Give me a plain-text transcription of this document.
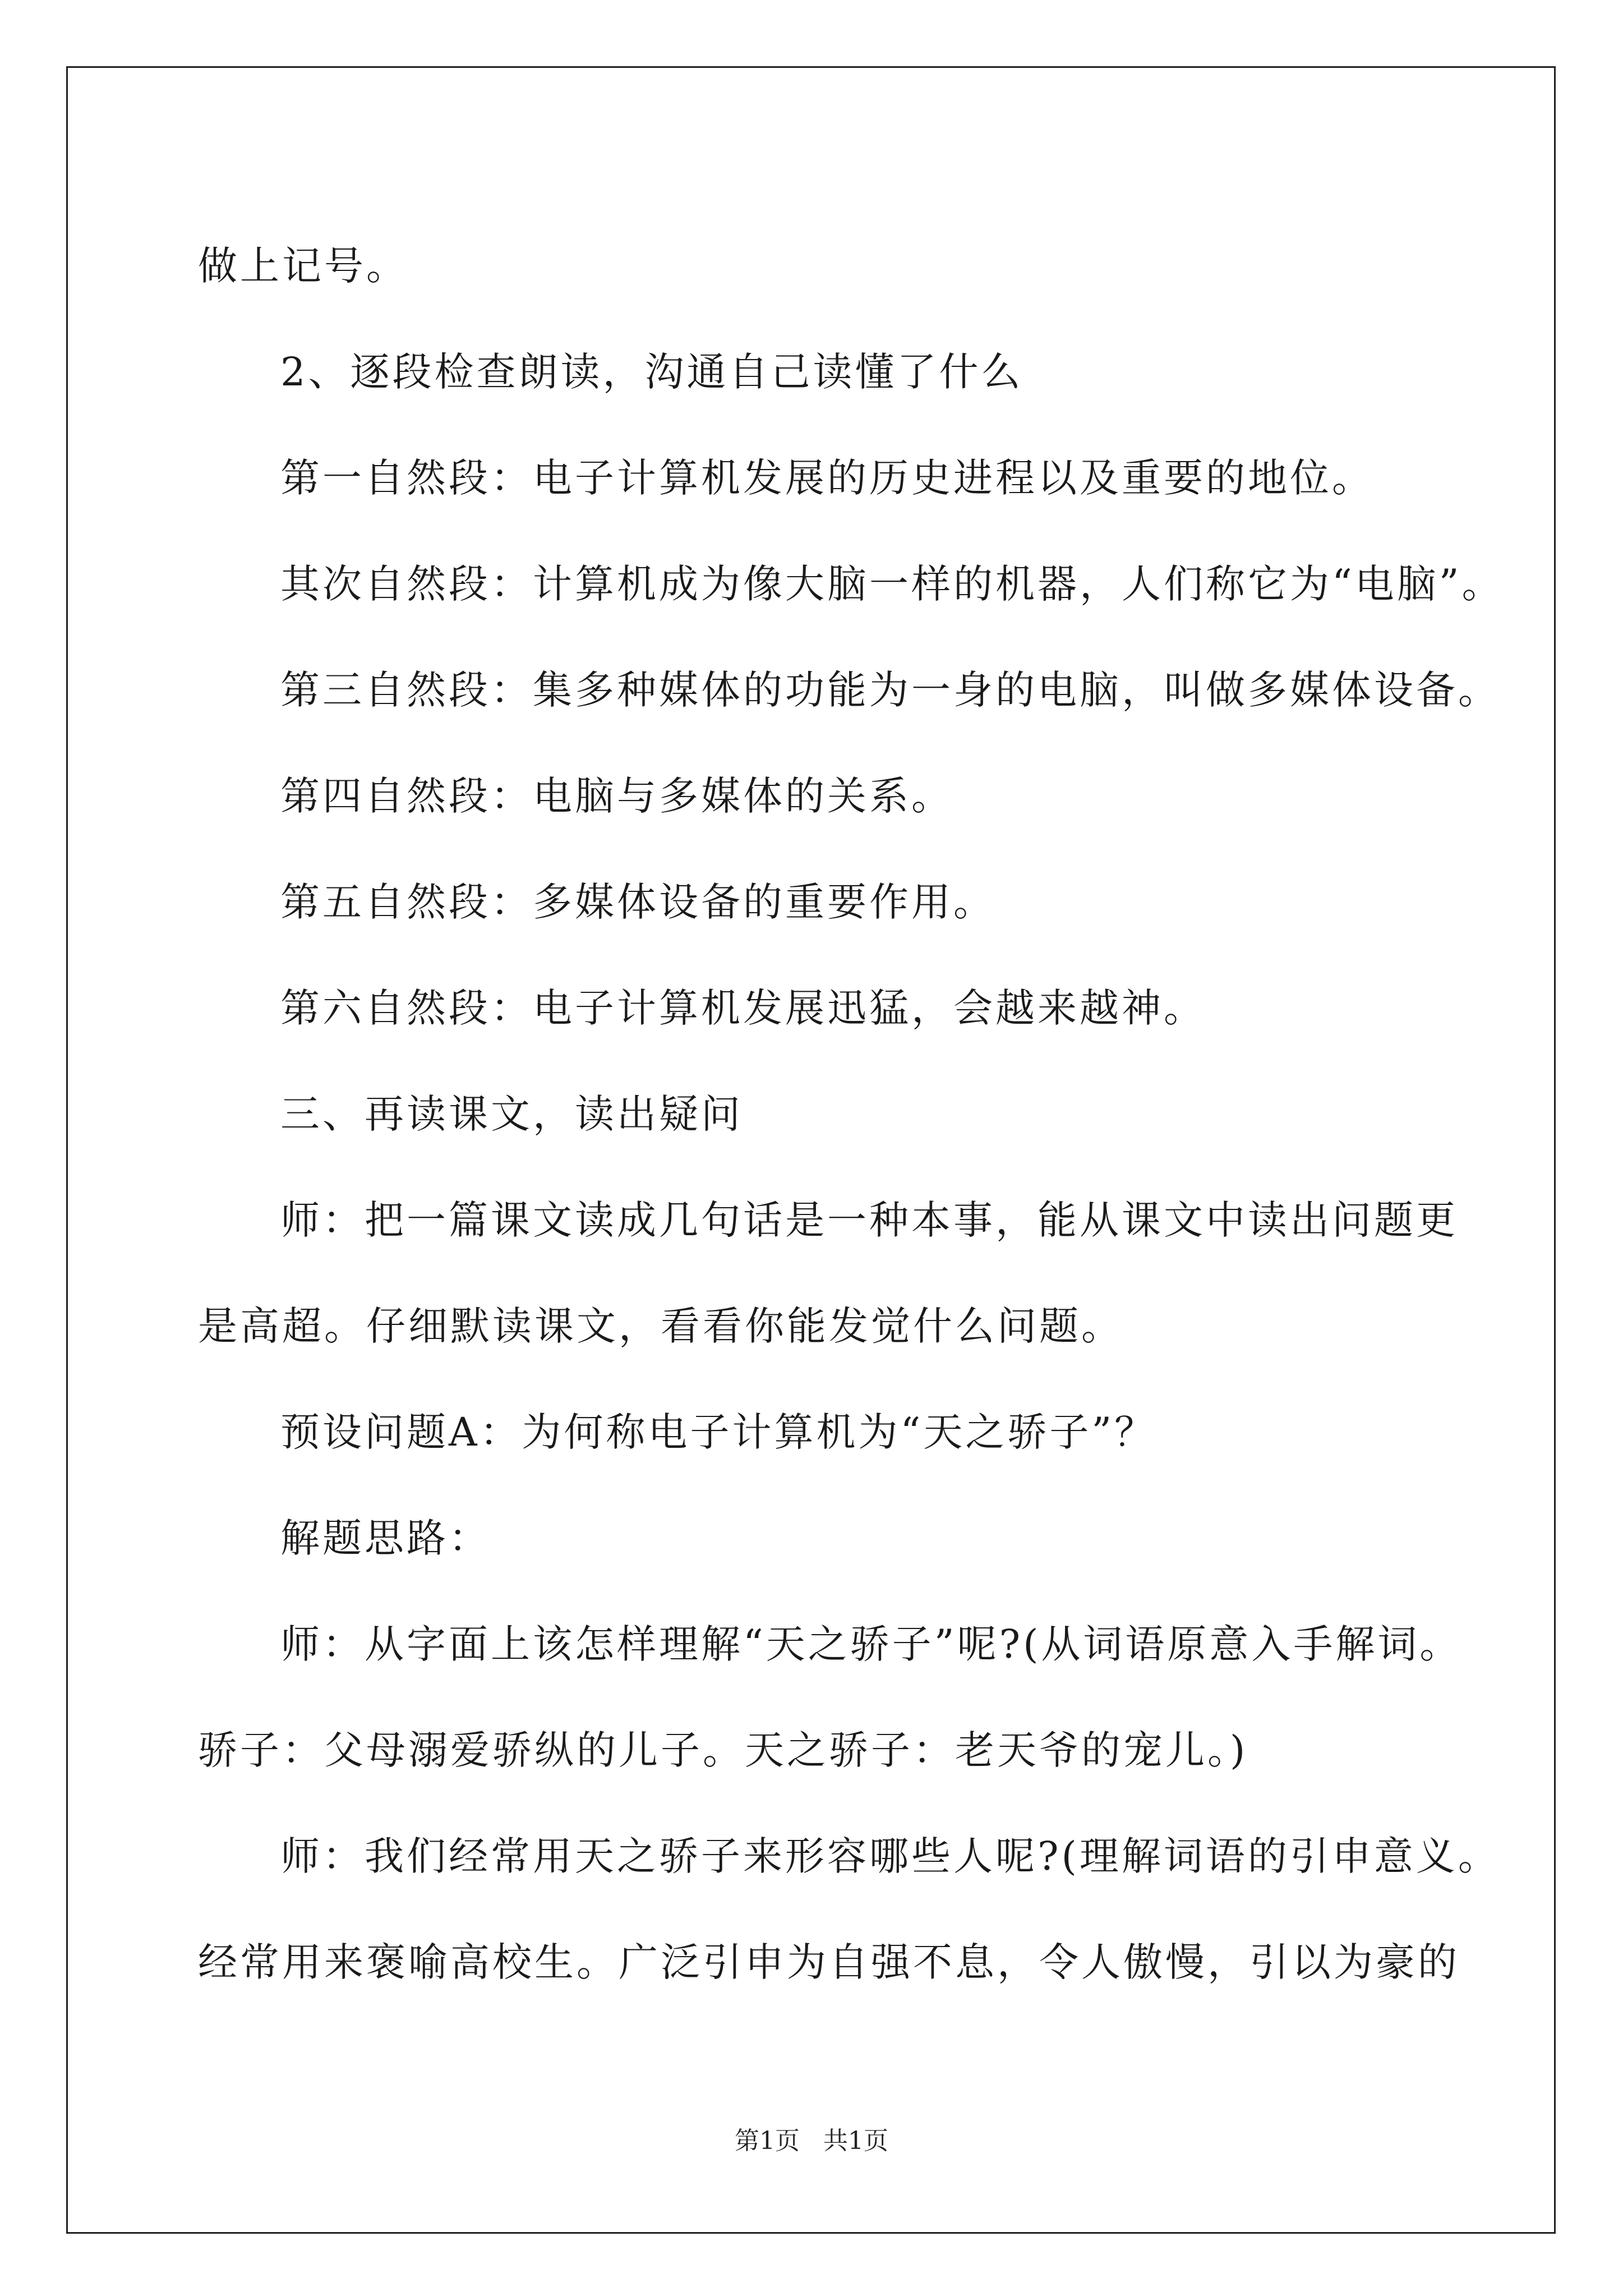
做上记号。

2、逐段检查朗读，沟通自己读懂了什么

第一自然段：电子计算机发展的历史进程以及重要的地位。

其次自然段：计算机成为像大脑一样的机器，人们称它为“电脑”。

第三自然段：集多种媒体的功能为一身的电脑，叫做多媒体设备。

第四自然段：电脑与多媒体的关系。

第五自然段：多媒体设备的重要作用。

第六自然段：电子计算机发展迅猛，会越来越神。

三、再读课文，读出疑问

师：把一篇课文读成几句话是一种本事，能从课文中读出问题更

是高超。仔细默读课文，看看你能发觉什么问题。

预设问题A：为何称电子计算机为“天之骄子”？

解题思路：

师：从字面上该怎样理解“天之骄子”呢?(从词语原意入手解词。

骄子：父母溺爱骄纵的儿子。天之骄子：老天爷的宠儿。)

师：我们经常用天之骄子来形容哪些人呢?(理解词语的引申意义。

经常用来褒喻高校生。广泛引申为自强不息，令人傲慢，引以为豪的

第1页 共1页
